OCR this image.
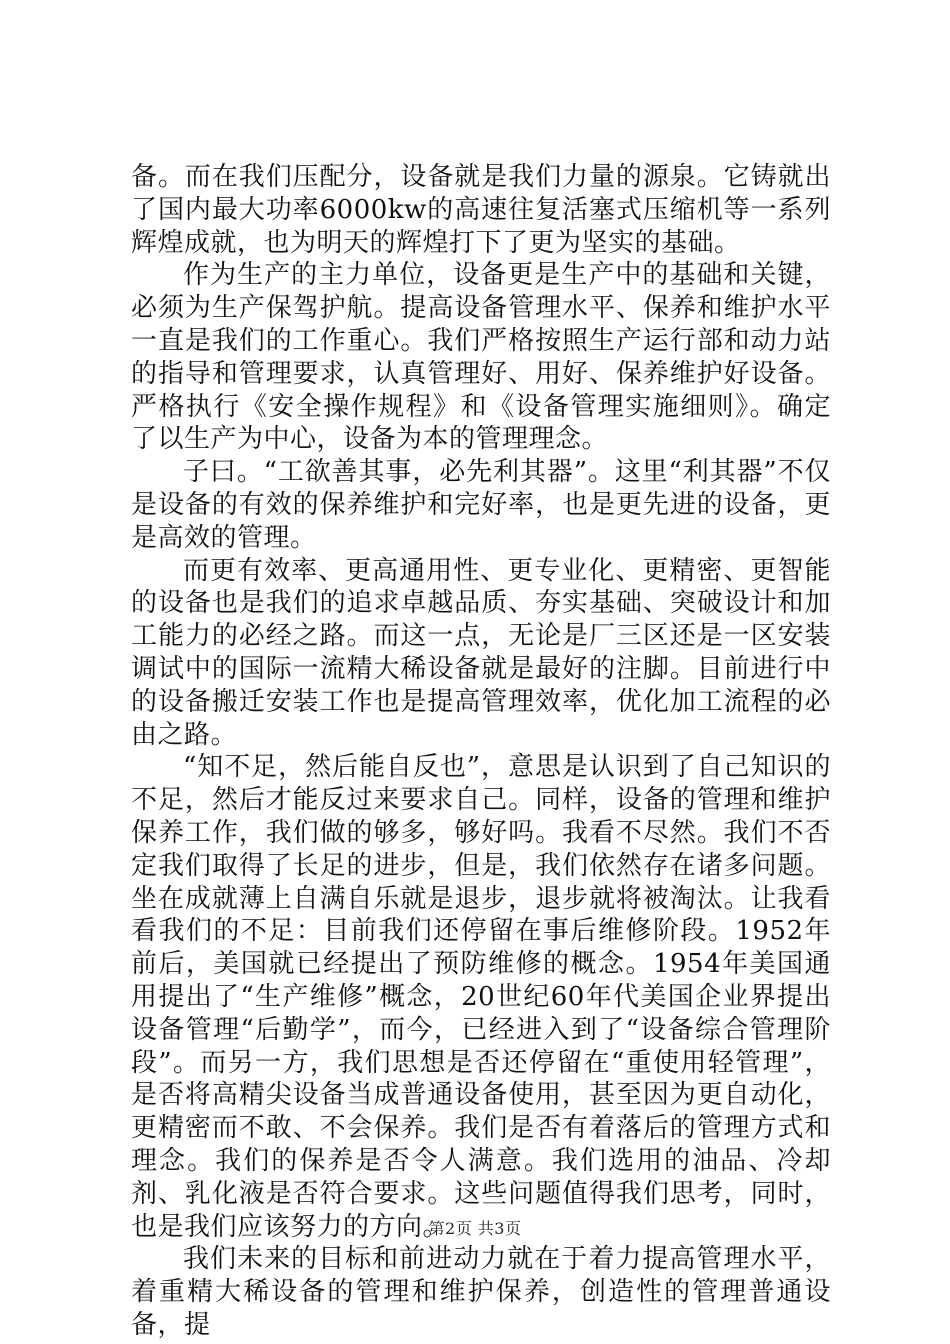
备。而在我们压配分，设备就是我们力量的源泉。它铸就出了国内最大功率6000kw的高速往复活塞式压缩机等一系列辉煌成就，也为明天的辉煌打下了更为坚实的基础。

作为生产的主力单位，设备更是生产中的基础和关键，必须为生产保驾护航。提高设备管理水平、保养和维护水平一直是我们的工作重心。我们严格按照生产运行部和动力站的指导和管理要求，认真管理好、用好、保养维护好设备。严格执行《安全操作规程》和《设备管理实施细则》。确定了以生产为中心，设备为本的管理理念。

子曰。“工欲善其事，必先利其器”。这里“利其器”不仅是设备的有效的保养维护和完好率，也是更先进的设备，更是高效的管理。

而更有效率、更高通用性、更专业化、更精密、更智能的设备也是我们的追求卓越品质、夯实基础、突破设计和加工能力的必经之路。而这一点，无论是厂三区还是一区安装调试中的国际一流精大稀设备就是最好的注脚。目前进行中的设备搬迁安装工作也是提高管理效率，优化加工流程的必由之路。

“知不足，然后能自反也”，意思是认识到了自己知识的不足，然后才能反过来要求自己。同样，设备的管理和维护保养工作，我们做的够多，够好吗。我看不尽然。我们不否定我们取得了长足的进步，但是，我们依然存在诸多问题。坐在成就薄上自满自乐就是退步，退步就将被淘汰。让我看看我们的不足：目前我们还停留在事后维修阶段。1952年前后，美国就已经提出了预防维修的概念。1954年美国通用提出了“生产维修”概念，20世纪60年代美国企业界提出设备管理“后勤学”，而今，已经进入到了“设备综合管理阶段”。而另一方，我们思想是否还停留在“重使用轻管理”，是否将高精尖设备当成普通设备使用，甚至因为更自动化，更精密而不敢、不会保养。我们是否有着落后的管理方式和理念。我们的保养是否令人满意。我们选用的油品、冷却剂、乳化液是否符合要求。这些问题值得我们思考，同时，也是我们应该努力的方向。

我们未来的目标和前进动力就在于着力提高管理水平，着重精大稀设备的管理和维护保养，创造性的管理普通设备，提

第2页 共3页
